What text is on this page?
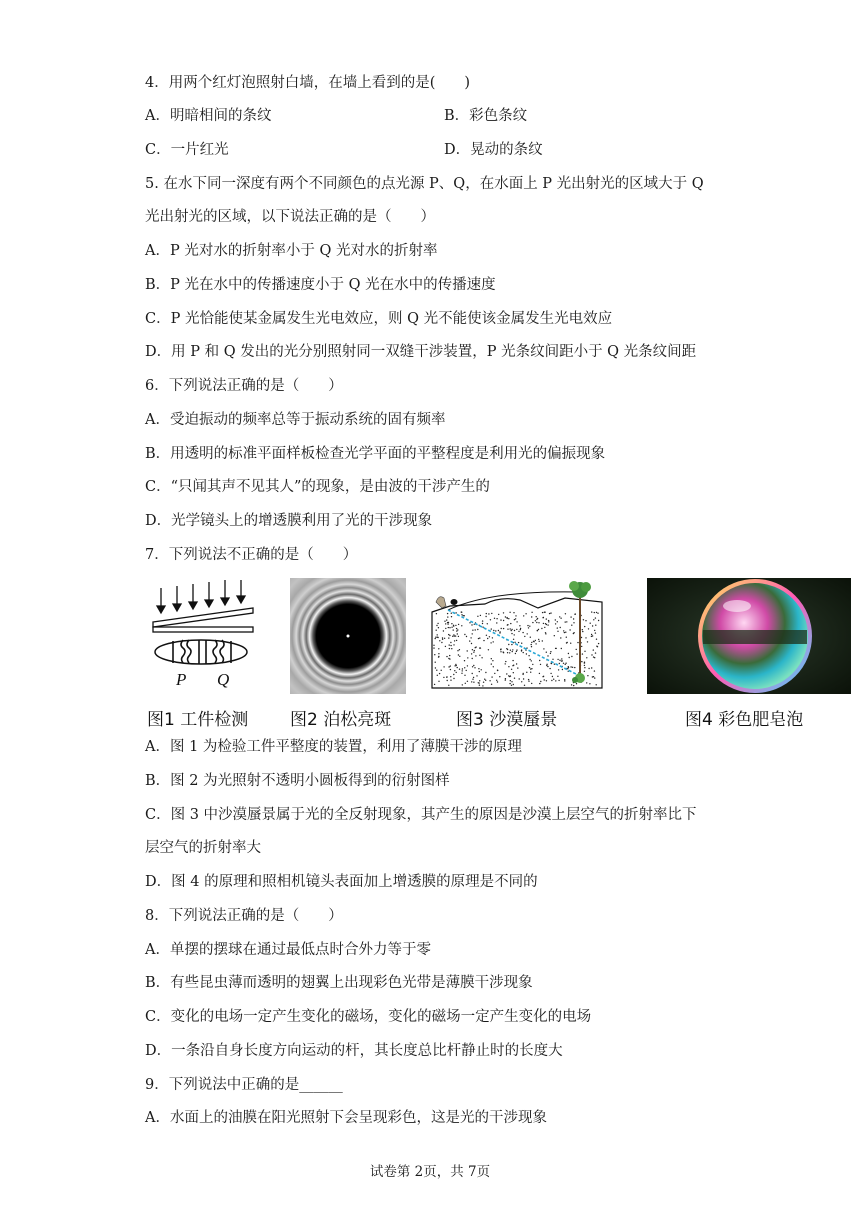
4．用两个红灯泡照射白墙，在墙上看到的是(　　)
A．明暗相间的条纹	B．彩色条纹
C．一片红光	D．晃动的条纹
5. 在水下同一深度有两个不同颜色的点光源 P、Q，在水面上 P 光出射光的区域大于 Q
光出射光的区域，以下说法正确的是（　　）
A．P 光对水的折射率小于 Q 光对水的折射率
B．P 光在水中的传播速度小于 Q 光在水中的传播速度
C．P 光恰能使某金属发生光电效应，则 Q 光不能使该金属发生光电效应
D．用 P 和 Q 发出的光分别照射同一双缝干涉装置，P 光条纹间距小于 Q 光条纹间距
6．下列说法正确的是（　　）
A．受迫振动的频率总等于振动系统的固有频率
B．用透明的标准平面样板检查光学平面的平整程度是利用光的偏振现象
C．“只闻其声不见其人”的现象，是由波的干涉产生的
D．光学镜头上的增透膜利用了光的干涉现象
7．下列说法不正确的是（　　）
P Q
图1 工件检测 图2 泊松亮斑	图3 沙漠蜃景	图4 彩色肥皂泡
A．图 1 为检验工件平整度的装置，利用了薄膜干涉的原理
B．图 2 为光照射不透明小圆板得到的衍射图样
C．图 3 中沙漠蜃景属于光的全反射现象，其产生的原因是沙漠上层空气的折射率比下
层空气的折射率大
D．图 4 的原理和照相机镜头表面加上增透膜的原理是不同的
8．下列说法正确的是（　　）
A．单摆的摆球在通过最低点时合外力等于零
B．有些昆虫薄而透明的翅翼上出现彩色光带是薄膜干涉现象
C．变化的电场一定产生变化的磁场，变化的磁场一定产生变化的电场
D．一条沿自身长度方向运动的杆，其长度总比杆静止时的长度大
9．下列说法中正确的是______
A．水面上的油膜在阳光照射下会呈现彩色，这是光的干涉现象
试卷第 2页，共 7页
